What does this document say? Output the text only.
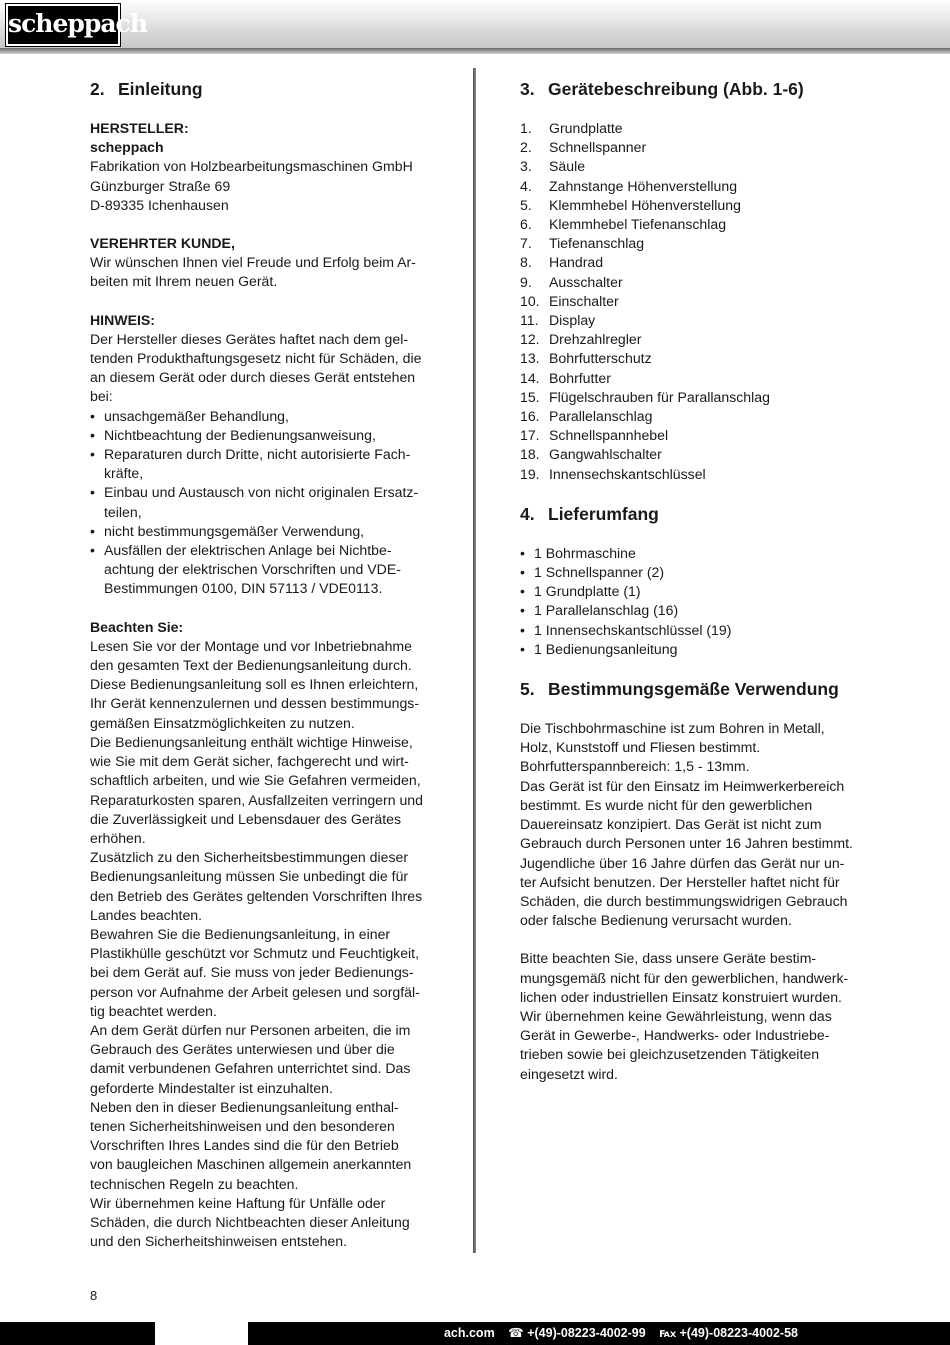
scheppach
2. Einleitung
HERSTELLER:
scheppach
Fabrikation von Holzbearbeitungsmaschinen GmbH
Günzburger Straße 69
D-89335 Ichenhausen
VEREHRTER KUNDE,
Wir wünschen Ihnen viel Freude und Erfolg beim Ar-
beiten mit Ihrem neuen Gerät.
HINWEIS:
Der Hersteller dieses Gerätes haftet nach dem gel-
tenden Produkthaftungsgesetz nicht für Schäden, die
an diesem Gerät oder durch dieses Gerät entstehen
bei:
• unsachgemäßer Behandlung,
• Nichtbeachtung der Bedienungsanweisung,
• Reparaturen durch Dritte, nicht autorisierte Fach-
kräfte,
• Einbau und Austausch von nicht originalen Ersatz-
teilen,
• nicht bestimmungsgemäßer Verwendung,
• Ausfällen der elektrischen Anlage bei Nichtbe-
achtung der elektrischen Vorschriften und VDE-
Bestimmungen 0100, DIN 57113 / VDE0113.
Beachten Sie:
Lesen Sie vor der Montage und vor Inbetriebnahme
den gesamten Text der Bedienungsanleitung durch.
Diese Bedienungsanleitung soll es Ihnen erleichtern,
Ihr Gerät kennenzulernen und dessen bestimmungs-
gemäßen Einsatzmöglichkeiten zu nutzen.
Die Bedienungsanleitung enthält wichtige Hinweise,
wie Sie mit dem Gerät sicher, fachgerecht und wirt-
schaftlich arbeiten, und wie Sie Gefahren vermeiden,
Reparaturkosten sparen, Ausfallzeiten verringern und
die Zuverlässigkeit und Lebensdauer des Gerätes
erhöhen.
Zusätzlich zu den Sicherheitsbestimmungen dieser
Bedienungsanleitung müssen Sie unbedingt die für
den Betrieb des Gerätes geltenden Vorschriften Ihres
Landes beachten.
Bewahren Sie die Bedienungsanleitung, in einer
Plastikhülle geschützt vor Schmutz und Feuchtigkeit,
bei dem Gerät auf. Sie muss von jeder Bedienungs-
person vor Aufnahme der Arbeit gelesen und sorgfäl-
tig beachtet werden.
An dem Gerät dürfen nur Personen arbeiten, die im
Gebrauch des Gerätes unterwiesen und über die
damit verbundenen Gefahren unterrichtet sind. Das
geforderte Mindestalter ist einzuhalten.
Neben den in dieser Bedienungsanleitung enthal-
tenen Sicherheitshinweisen und den besonderen
Vorschriften Ihres Landes sind die für den Betrieb
von baugleichen Maschinen allgemein anerkannten
technischen Regeln zu beachten.
Wir übernehmen keine Haftung für Unfälle oder
Schäden, die durch Nichtbeachten dieser Anleitung
und den Sicherheitshinweisen entstehen.
3. Gerätebeschreibung (Abb. 1-6)
1.	Grundplatte
2.	Schnellspanner
3.	Säule
4.	Zahnstange Höhenverstellung
5.	Klemmhebel Höhenverstellung
6.	Klemmhebel Tiefenanschlag
7.	Tiefenanschlag
8.	Handrad
9.	Ausschalter
10. Einschalter
11. Display
12. Drehzahlregler
13. Bohrfutterschutz
14. Bohrfutter
15. Flügelschrauben für Parallanschlag
16. Parallelanschlag
17. Schnellspannhebel
18. Gangwahlschalter
19. Innensechskantschlüssel
4. Lieferumfang
• 1 Bohrmaschine
• 1 Schnellspanner (2)
• 1 Grundplatte (1)
• 1 Parallelanschlag (16)
• 1 Innensechskantschlüssel (19)
• 1 Bedienungsanleitung
5. Bestimmungsgemäße Verwendung
Die Tischbohrmaschine ist zum Bohren in Metall,
Holz, Kunststoff und Fliesen bestimmt.
Bohrfutterspannbereich: 1,5 - 13mm.
Das Gerät ist für den Einsatz im Heimwerkerbereich
bestimmt. Es wurde nicht für den gewerblichen
Dauereinsatz konzipiert. Das Gerät ist nicht zum
Gebrauch durch Personen unter 16 Jahren bestimmt.
Jugendliche über 16 Jahre dürfen das Gerät nur un-
ter Aufsicht benutzen. Der Hersteller haftet nicht für
Schäden, die durch bestimmungswidrigen Gebrauch
oder falsche Bedienung verursacht wurden.
Bitte beachten Sie, dass unsere Geräte bestim-
mungsgemäß nicht für den gewerblichen, handwerk-
lichen oder industriellen Einsatz konstruiert wurden.
Wir übernehmen keine Gewährleistung, wenn das
Gerät in Gewerbe-, Handwerks- oder Industriebe-
trieben sowie bei gleichzusetzenden Tätigkeiten
eingesetzt wird.
8
ach.com ☎ +(49)-08223-4002-99 ℻ +(49)-08223-4002-58
